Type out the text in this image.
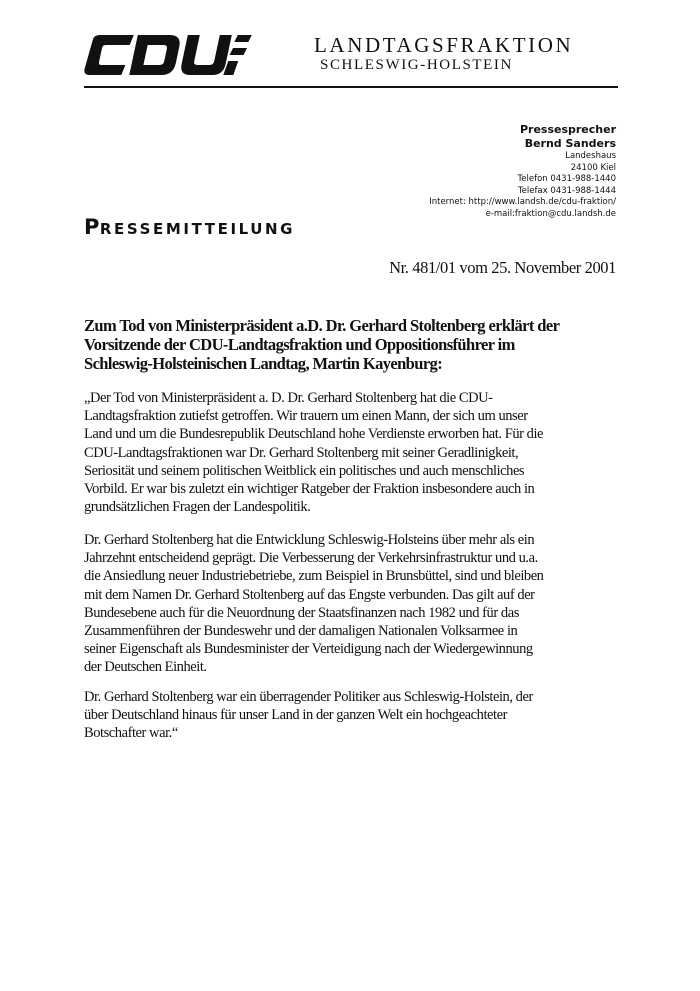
LANDTAGSFRAKTION
SCHLESWIG-HOLSTEIN
Pressesprecher
Bernd Sanders
Landeshaus
24100 Kiel
Telefon 0431-988-1440
Telefax 0431-988-1444
Internet: http://www.landsh.de/cdu-fraktion/
e-mail:fraktion@cdu.landsh.de
PRESSEMITTEILUNG
Nr. 481/01 vom 25. November 2001
Zum Tod von Ministerpräsident a.D. Dr. Gerhard Stoltenberg erklärt der
Vorsitzende der CDU-Landtagsfraktion und Oppositionsführer im
Schleswig-Holsteinischen Landtag, Martin Kayenburg:
„Der Tod von Ministerpräsident a. D. Dr. Gerhard Stoltenberg hat die CDU-
Landtagsfraktion zutiefst getroffen. Wir trauern um einen Mann, der sich um unser
Land und um die Bundesrepublik Deutschland hohe Verdienste erworben hat. Für die
CDU-Landtagsfraktionen war Dr. Gerhard Stoltenberg mit seiner Geradlinigkeit,
Seriosität und seinem politischen Weitblick ein politisches und auch menschliches
Vorbild. Er war bis zuletzt ein wichtiger Ratgeber der Fraktion insbesondere auch in
grundsätzlichen Fragen der Landespolitik.
Dr. Gerhard Stoltenberg hat die Entwicklung Schleswig-Holsteins über mehr als ein
Jahrzehnt entscheidend geprägt. Die Verbesserung der Verkehrsinfrastruktur und u.a.
die Ansiedlung neuer Industriebetriebe, zum Beispiel in Brunsbüttel, sind und bleiben
mit dem Namen Dr. Gerhard Stoltenberg auf das Engste verbunden. Das gilt auf der
Bundesebene auch für die Neuordnung der Staatsfinanzen nach 1982 und für das
Zusammenführen der Bundeswehr und der damaligen Nationalen Volksarmee in
seiner Eigenschaft als Bundesminister der Verteidigung nach der Wiedergewinnung
der Deutschen Einheit.
Dr. Gerhard Stoltenberg war ein überragender Politiker aus Schleswig-Holstein, der
über Deutschland hinaus für unser Land in der ganzen Welt ein hochgeachteter
Botschafter war.“
